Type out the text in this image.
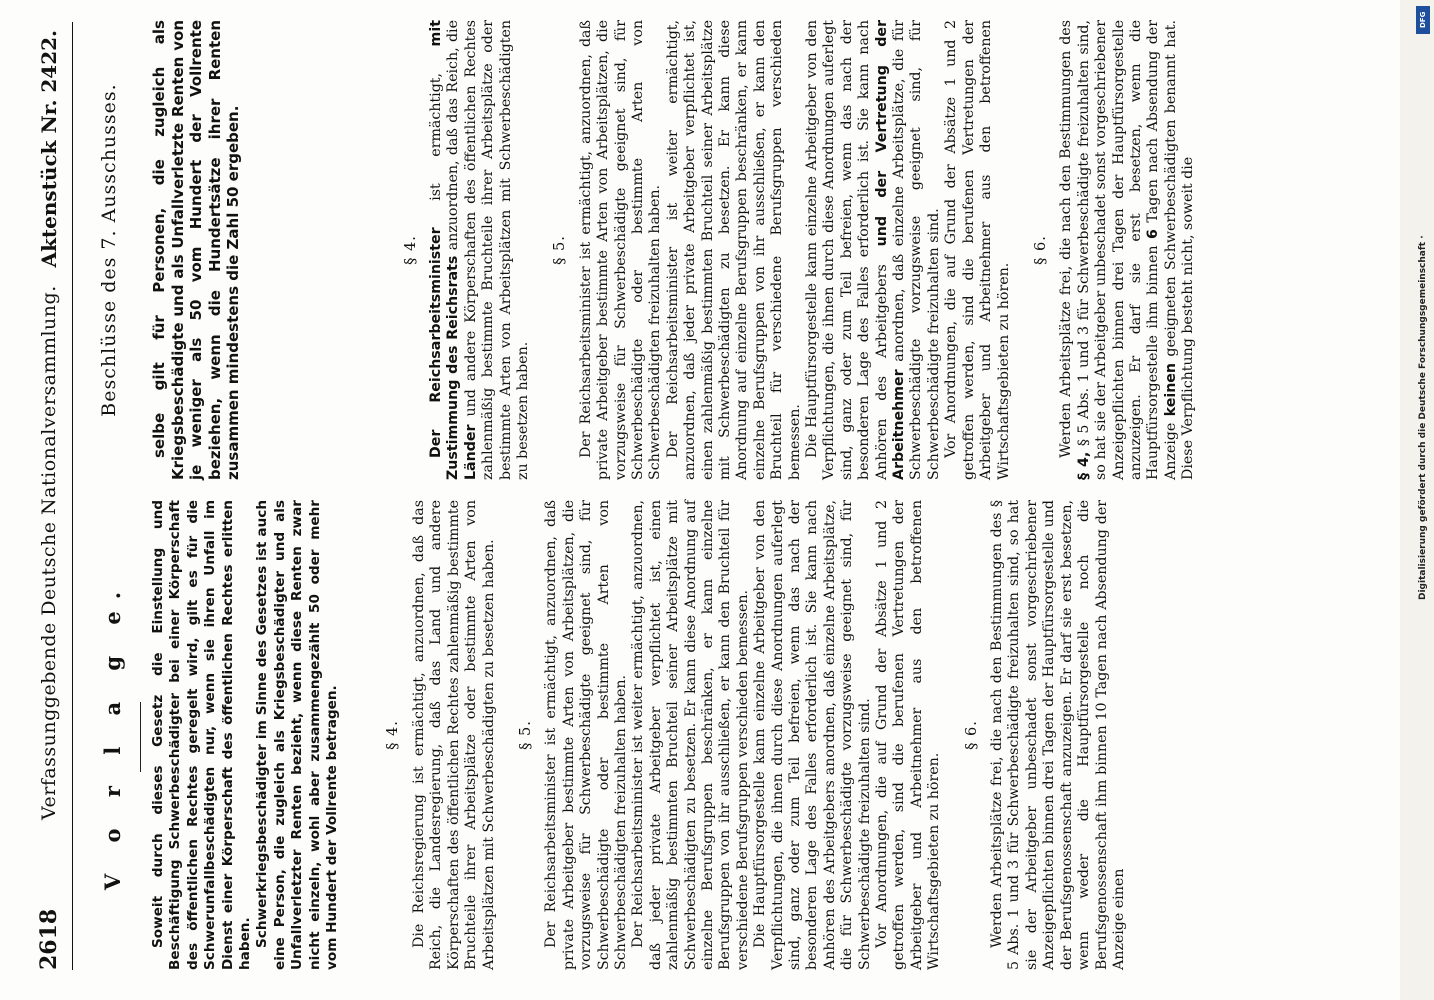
2618
Verfassunggebende Deutsche Nationalversammlung.
Aktenstück Nr. 2422.
V o r l a g e.
Beschlüsse des 7. Ausschusses.

Soweit durch dieses Gesetz die Einstellung und Beschäftigung Schwerbeschädigter bei einer Körperschaft des öffentlichen Rechtes geregelt wird, gilt es für die Schwerunfallbeschädigten nur, wenn sie ihren Unfall im Dienst einer Körperschaft des öffentlichen Rechtes erlitten haben. Schwerkriegsbeschädigter im Sinne des Gesetzes ist auch eine Person, die zugleich als Kriegsbeschädigter und als Unfallverletzter Renten bezieht, wenn diese Renten zwar nicht einzeln, wohl aber zusammengezählt 50 oder mehr vom Hundert der Vollrente betragen.	§ 4. Die Reichsregierung ist ermächtigt, anzuordnen, daß das Reich, die Landesregierung, daß das Land und andere Körperschaften des öffentlichen Rechtes zahlenmäßig bestimmte Bruchteile ihrer Arbeitsplätze oder bestimmte Arten von Arbeitsplätzen mit Schwerbeschädigten zu besetzen haben. § 5. Der Reichsarbeitsminister ist ermächtigt, anzuordnen, daß private Arbeitgeber bestimmte Arten von Arbeitsplätzen, die vorzugsweise für Schwerbeschädigte geeignet sind, für Schwerbeschädigte oder bestimmte Arten von Schwerbeschädigten freizuhalten haben. Der Reichsarbeitsminister ist weiter ermächtigt, anzuordnen, daß jeder private Arbeitgeber verpflichtet ist, einen zahlenmäßig bestimmten Bruchteil seiner Arbeitsplätze mit Schwerbeschädigten zu besetzen. Er kann diese Anordnung auf einzelne Berufsgruppen beschränken, er kann einzelne Berufsgruppen von ihr ausschließen, er kann den Bruchteil für verschiedene Berufsgruppen verschieden bemessen. Die Hauptfürsorgestelle kann einzelne Arbeitgeber von den Verpflichtungen, die ihnen durch diese Anordnungen auferlegt sind, ganz oder zum Teil befreien, wenn das nach der besonderen Lage des Falles erforderlich ist. Sie kann nach Anhören des Arbeitgebers anordnen, daß einzelne Arbeitsplätze, die für Schwerbeschädigte vorzugsweise geeignet sind, für Schwerbeschädigte freizuhalten sind. Vor Anordnungen, die auf Grund der Absätze 1 und 2 getroffen werden, sind die berufenen Vertretungen der Arbeitgeber und Arbeitnehmer aus den betroffenen Wirtschaftsgebieten zu hören.

§ 6. Werden Arbeitsplätze frei, die nach den Bestimmungen des § 5 Abs. 1 und 3 für Schwerbeschädigte freizuhalten sind, so hat sie der Arbeitgeber unbeschadet sonst vorgeschriebener Anzeigepflichten binnen drei Tagen der Hauptfürsorgestelle und der Berufsgenossenschaft anzuzeigen. Er darf sie erst besetzen, wenn weder die Hauptfürsorgestelle noch die Berufsgenossenschaft ihm binnen 10 Tagen nach Absendung der Anzeige einen

selbe gilt für Personen, die zugleich als Kriegsbeschädigte und als Unfallverletzte Renten von je weniger als 50 vom Hundert der Vollrente beziehen, wenn die Hundertsätze ihrer Renten zusammen mindestens die Zahl 50 ergeben.	§ 4. Der Reichsarbeitsminister ist ermächtigt, mit Zustimmung des Reichsrats anzuordnen, daß das Reich, die Länder und andere Körperschaften des öffentlichen Rechtes zahlenmäßig bestimmte Bruchteile ihrer Arbeitsplätze oder bestimmte Arten von Arbeitsplätzen mit Schwerbeschädigten zu besetzen haben.

§ 5. Der Reichsarbeitsminister ist ermächtigt, anzuordnen, daß private Arbeitgeber bestimmte Arten von Arbeitsplätzen, die vorzugsweise für Schwerbeschädigte geeignet sind, für Schwerbeschädigte oder bestimmte Arten von Schwerbeschädigten freizuhalten haben. Der Reichsarbeitsminister ist weiter ermächtigt, anzuordnen, daß jeder private Arbeitgeber verpflichtet ist, einen zahlenmäßig bestimmten Bruchteil seiner Arbeitsplätze mit Schwerbeschädigten zu besetzen. Er kann diese Anordnung auf einzelne Berufsgruppen beschränken, er kann einzelne Berufsgruppen von ihr ausschließen, er kann den Bruchteil für verschiedene Berufsgruppen verschieden bemessen. Die Hauptfürsorgestelle kann einzelne Arbeitgeber von den Verpflichtungen, die ihnen durch diese Anordnungen auferlegt sind, ganz oder zum Teil befreien, wenn das nach der besonderen Lage des Falles erforderlich ist. Sie kann nach Anhören des Arbeitgebers und der Vertretung der Arbeitnehmer anordnen, daß einzelne Arbeitsplätze, die für Schwerbeschädigte vorzugsweise geeignet sind, für Schwerbeschädigte freizuhalten sind. Vor Anordnungen, die auf Grund der Absätze 1 und 2 getroffen werden, sind die berufenen Vertretungen der Arbeitgeber und Arbeitnehmer aus den betroffenen Wirtschaftsgebieten zu hören.

§ 6. Werden Arbeitsplätze frei, die nach den Bestimmungen des § 4, § 5 Abs. 1 und 3 für Schwerbeschädigte freizuhalten sind, so hat sie der Arbeitgeber unbeschadet sonst vorgeschriebener Anzeigepflichten binnen drei Tagen der Hauptfürsorgestelle anzuzeigen. Er darf sie erst besetzen, wenn die Hauptfürsorgestelle ihm binnen 6 Tagen nach Absendung der Anzeige keinen geeigneten Schwerbeschädigten benannt hat. Diese Verpflichtung besteht nicht, soweit die

DFG
Digitalisierung gefördert durch die Deutsche Forschungsgemeinschaft ·
